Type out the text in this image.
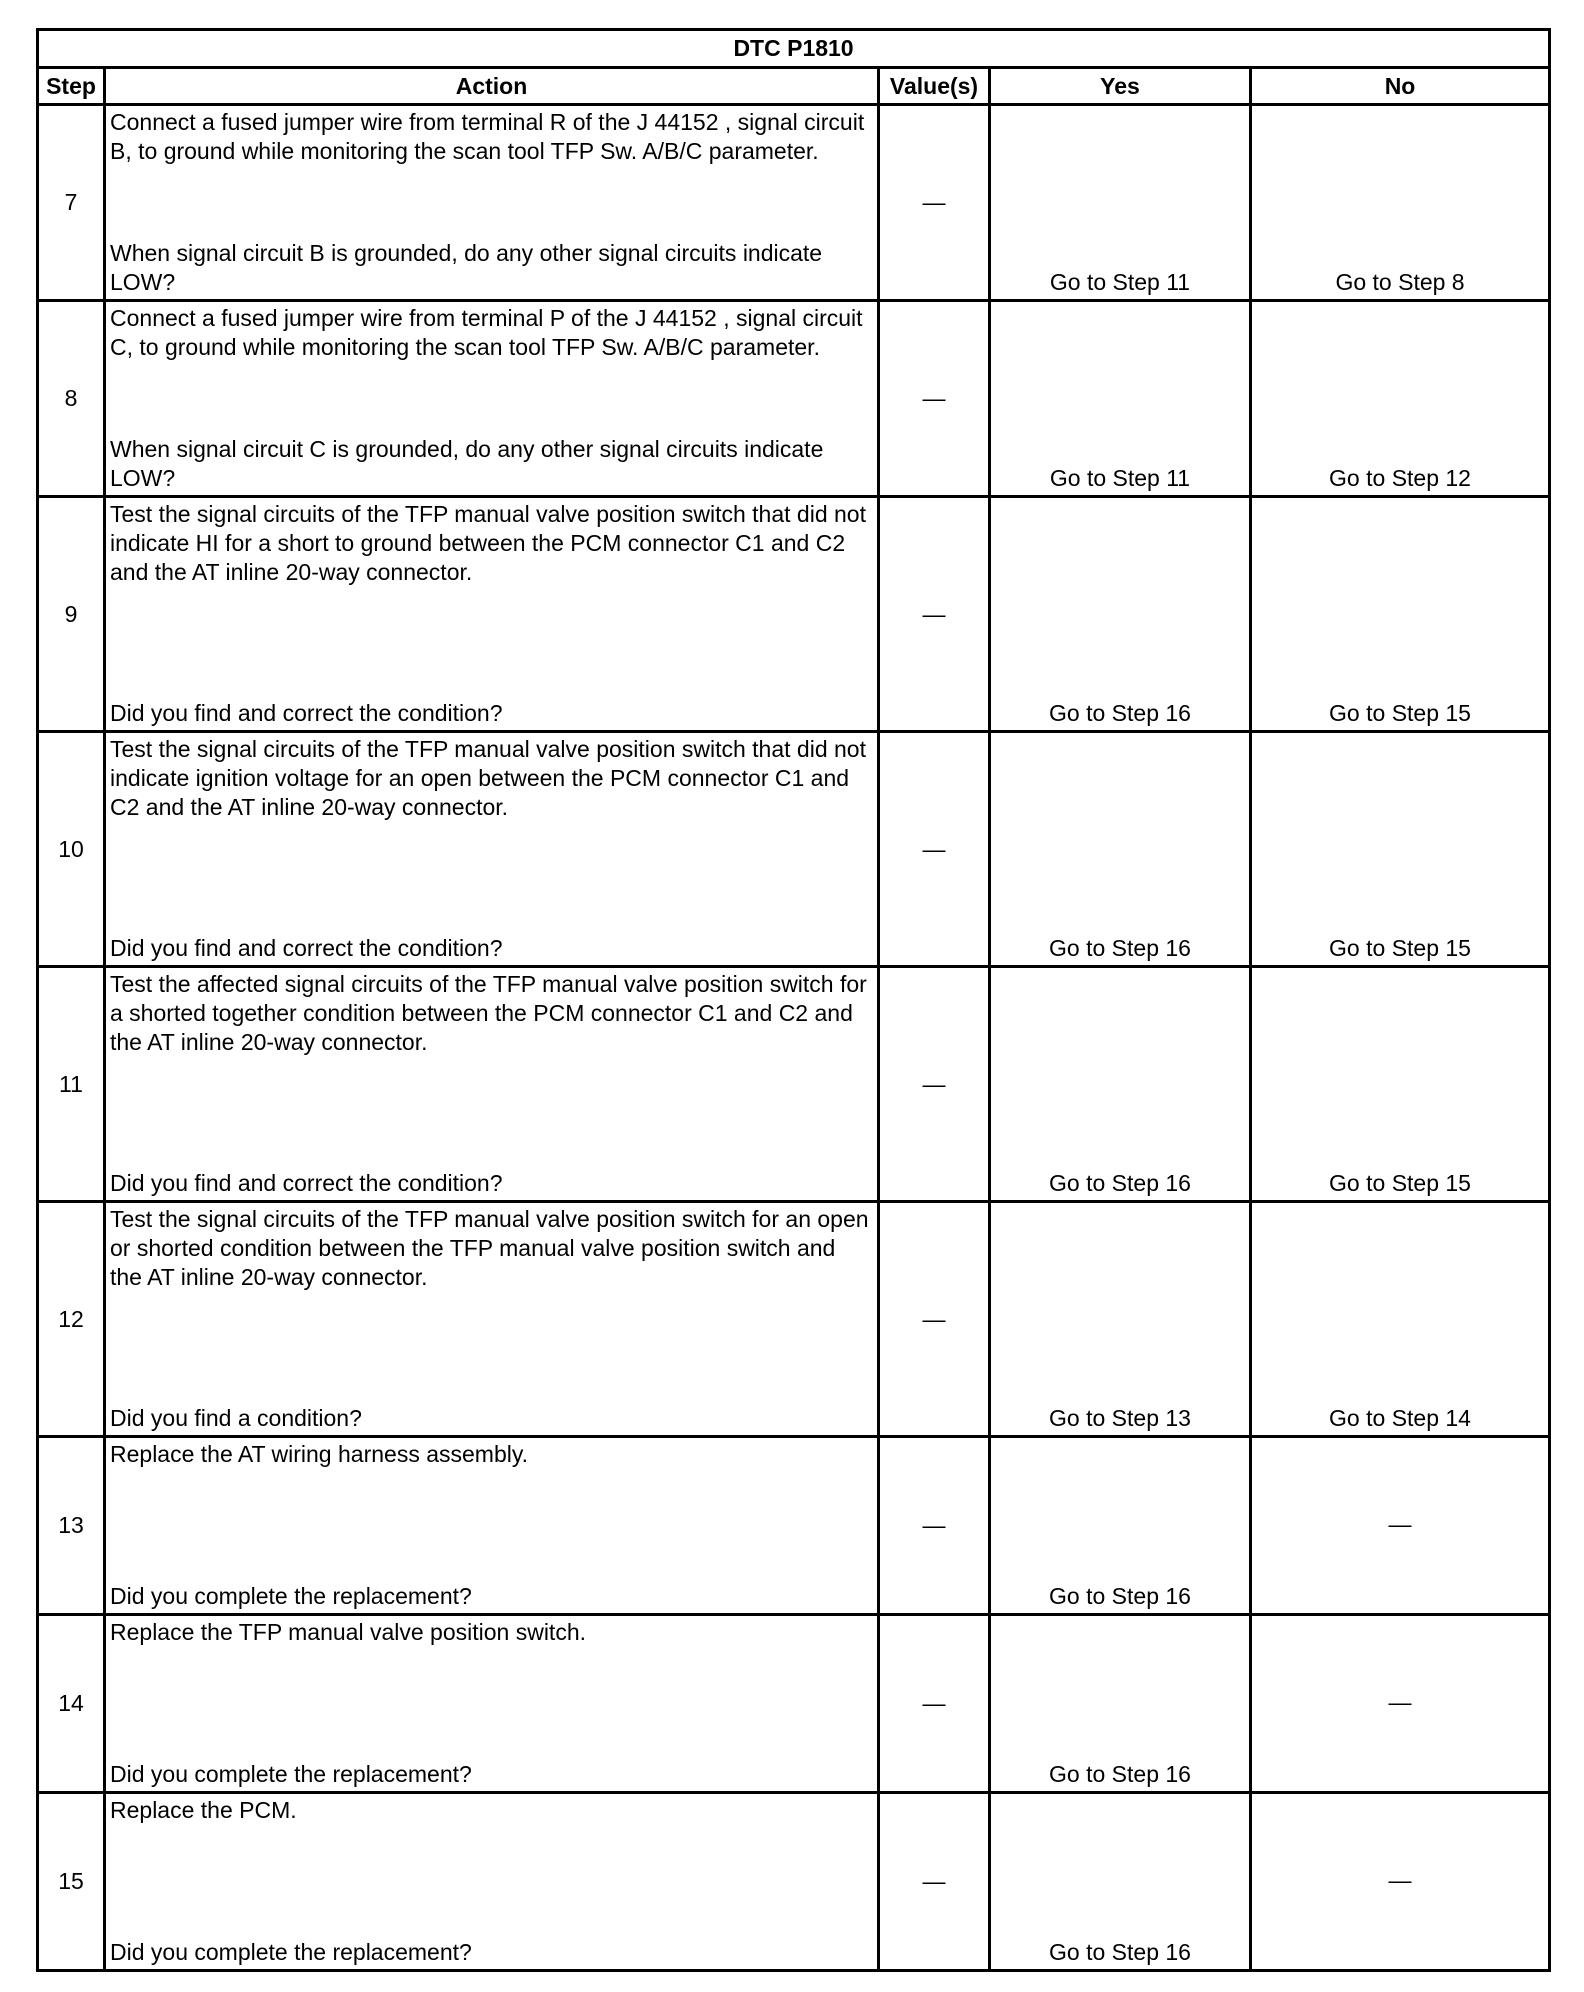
DTC P1810				
Step	Action	Value(s)	Yes	No
7	Connect a fused jumper wire from terminal R of the J 44152 , signal circuit B, to ground while monitoring the scan tool TFP Sw. A/B/C parameter.
When signal circuit B is grounded, do any other signal circuits indicate LOW?	—	Go to Step 11	Go to Step 8
8	Connect a fused jumper wire from terminal P of the J 44152 , signal circuit C, to ground while monitoring the scan tool TFP Sw. A/B/C parameter.
When signal circuit C is grounded, do any other signal circuits indicate LOW?	—	Go to Step 11	Go to Step 12
9	Test the signal circuits of the TFP manual valve position switch that did not indicate HI for a short to ground between the PCM connector C1 and C2 and the AT inline 20-way connector.
Did you find and correct the condition?	—	Go to Step 16	Go to Step 15
10	Test the signal circuits of the TFP manual valve position switch that did not indicate ignition voltage for an open between the PCM connector C1 and C2 and the AT inline 20-way connector.
Did you find and correct the condition?	—	Go to Step 16	Go to Step 15
11	Test the affected signal circuits of the TFP manual valve position switch for a shorted together condition between the PCM connector C1 and C2 and the AT inline 20-way connector.
Did you find and correct the condition?	—	Go to Step 16	Go to Step 15
12	Test the signal circuits of the TFP manual valve position switch for an open or shorted condition between the TFP manual valve position switch and the AT inline 20-way connector.
Did you find a condition?	—	Go to Step 13	Go to Step 14
13	Replace the AT wiring harness assembly.
Did you complete the replacement?	—	Go to Step 16	—
14	Replace the TFP manual valve position switch.
Did you complete the replacement?	—	Go to Step 16	—
15	Replace the PCM.
Did you complete the replacement?	—	Go to Step 16	—
